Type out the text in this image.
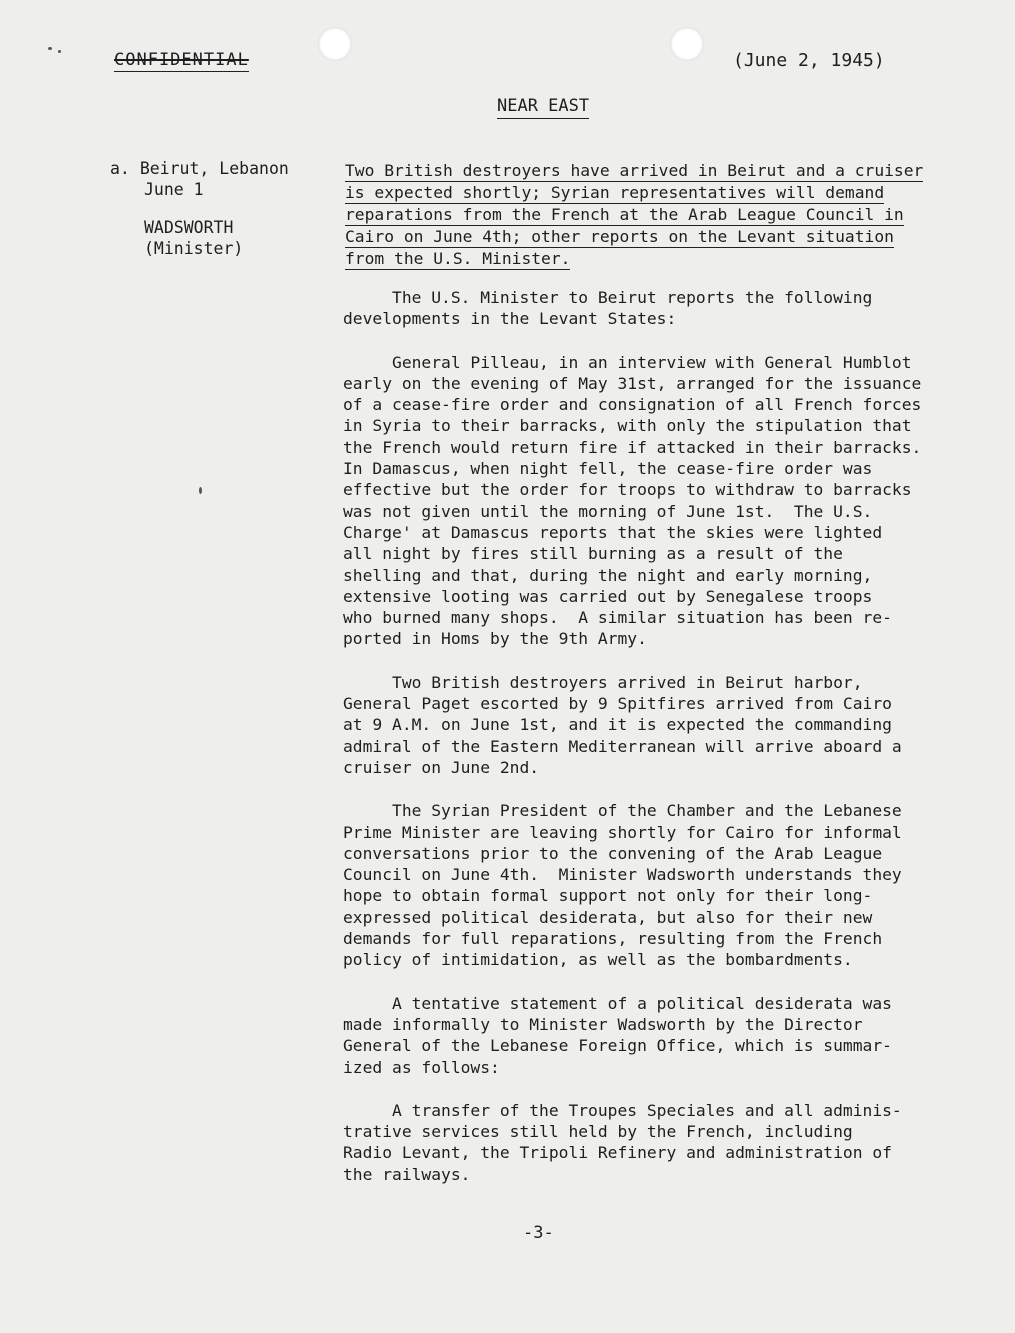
CONFIDENTIAL	(June 2, 1945)
NEAR EAST
a. Beirut, Lebanon
June 1
WADSWORTH
(Minister)
Two British destroyers have arrived in Beirut and a cruiser
is expected shortly; Syrian representatives will demand
reparations from the French at the Arab League Council in
Cairo on June 4th; other reports on the Levant situation
from the U.S. Minister.

The U.S. Minister to Beirut reports the following
developments in the Levant States:

General Pilleau, in an interview with General Humblot
early on the evening of May 31st, arranged for the issuance
of a cease-fire order and consignation of all French forces
in Syria to their barracks, with only the stipulation that
the French would return fire if attacked in their barracks.
In Damascus, when night fell, the cease-fire order was
effective but the order for troops to withdraw to barracks
was not given until the morning of June 1st.  The U.S.
Charge' at Damascus reports that the skies were lighted
all night by fires still burning as a result of the
shelling and that, during the night and early morning,
extensive looting was carried out by Senegalese troops
who burned many shops.  A similar situation has been re-
ported in Homs by the 9th Army.

Two British destroyers arrived in Beirut harbor,
General Paget escorted by 9 Spitfires arrived from Cairo
at 9 A.M. on June 1st, and it is expected the commanding
admiral of the Eastern Mediterranean will arrive aboard a
cruiser on June 2nd.

The Syrian President of the Chamber and the Lebanese
Prime Minister are leaving shortly for Cairo for informal
conversations prior to the convening of the Arab League
Council on June 4th.  Minister Wadsworth understands they
hope to obtain formal support not only for their long-
expressed political desiderata, but also for their new
demands for full reparations, resulting from the French
policy of intimidation, as well as the bombardments.

A tentative statement of a political desiderata was
made informally to Minister Wadsworth by the Director
General of the Lebanese Foreign Office, which is summar-
ized as follows:

A transfer of the Troupes Speciales and all adminis-
trative services still held by the French, including
Radio Levant, the Tripoli Refinery and administration of
the railways.

-3-
